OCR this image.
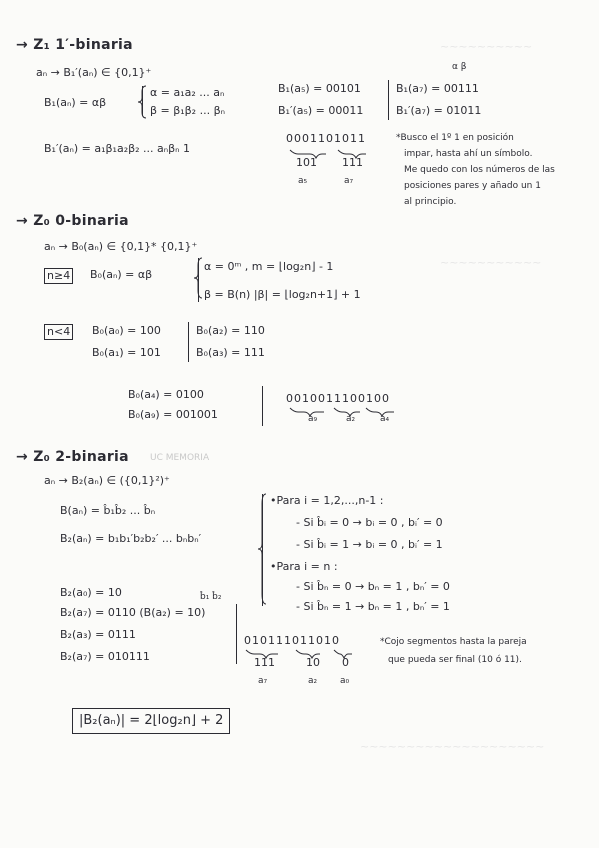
~~~~~~~~~~
~~~~~~~~~~~
~~~~~~~~~~~~~~~~~~~~
→ Z₁ 1′-binaria
aₙ → B₁′(aₙ) ∈ {0,1}⁺
B₁(aₙ) = αβ
α = a₁a₂ ... aₙ
β = β₁β₂ ... βₙ
B₁′(aₙ) = a₁β₁a₂β₂ ... aₙβₙ 1
α β
B₁(a₅) = 00101
B₁′(a₅) = 00011
B₁(a₇) = 00111
B₁′(a₇) = 01011
0001101011
101
a₅
111
a₇
*Busco el 1º 1 en posición
impar, hasta ahí un símbolo.
Me quedo con los números de las
posiciones pares y añado un 1
al principio.
→ Z₀ 0-binaria
aₙ → B₀(aₙ) ∈ {0,1}* {0,1}⁺
n≥4 B₀(aₙ) = αβ
α = 0ᵐ , m = ⌊log₂n⌋ - 1
β = B(n) |β| = ⌊log₂n+1⌋ + 1
n<4 B₀(a₀) = 100
B₀(a₁) = 101
B₀(a₂) = 110
B₀(a₃) = 111
B₀(a₄) = 0100
B₀(a₉) = 001001
0010011100100
a₉	a₂	a₄
→ Z₀ 2-binaria UC MEMORIA
aₙ → B₂(aₙ) ∈ ({0,1}²)⁺
B(aₙ) = b̂₁b̂₂ ... b̂ₙ
B₂(aₙ) = b₁b₁′b₂b₂′ ... bₙbₙ′
•Para i = 1,2,...,n-1 :
- Si b̂ᵢ = 0 → bᵢ = 0 , bᵢ′ = 0
- Si b̂ᵢ = 1 → bᵢ = 0 , bᵢ′ = 1
•Para i = n :
- Si b̂ₙ = 0 → bₙ = 1 , bₙ′ = 0
- Si b̂ₙ = 1 → bₙ = 1 , bₙ′ = 1
b̂₁ b̂₂
B₂(a₀) = 10
B₂(a₇) = 0110 (B(a₂) = 10)
B₂(a₃) = 0111
B₂(a₇) = 010111
010111011010
111
a₇
10
a₂
0
a₀
*Cojo segmentos hasta la pareja
que pueda ser final (10 ó 11).
|B₂(aₙ)| = 2⌊log₂n⌋ + 2
